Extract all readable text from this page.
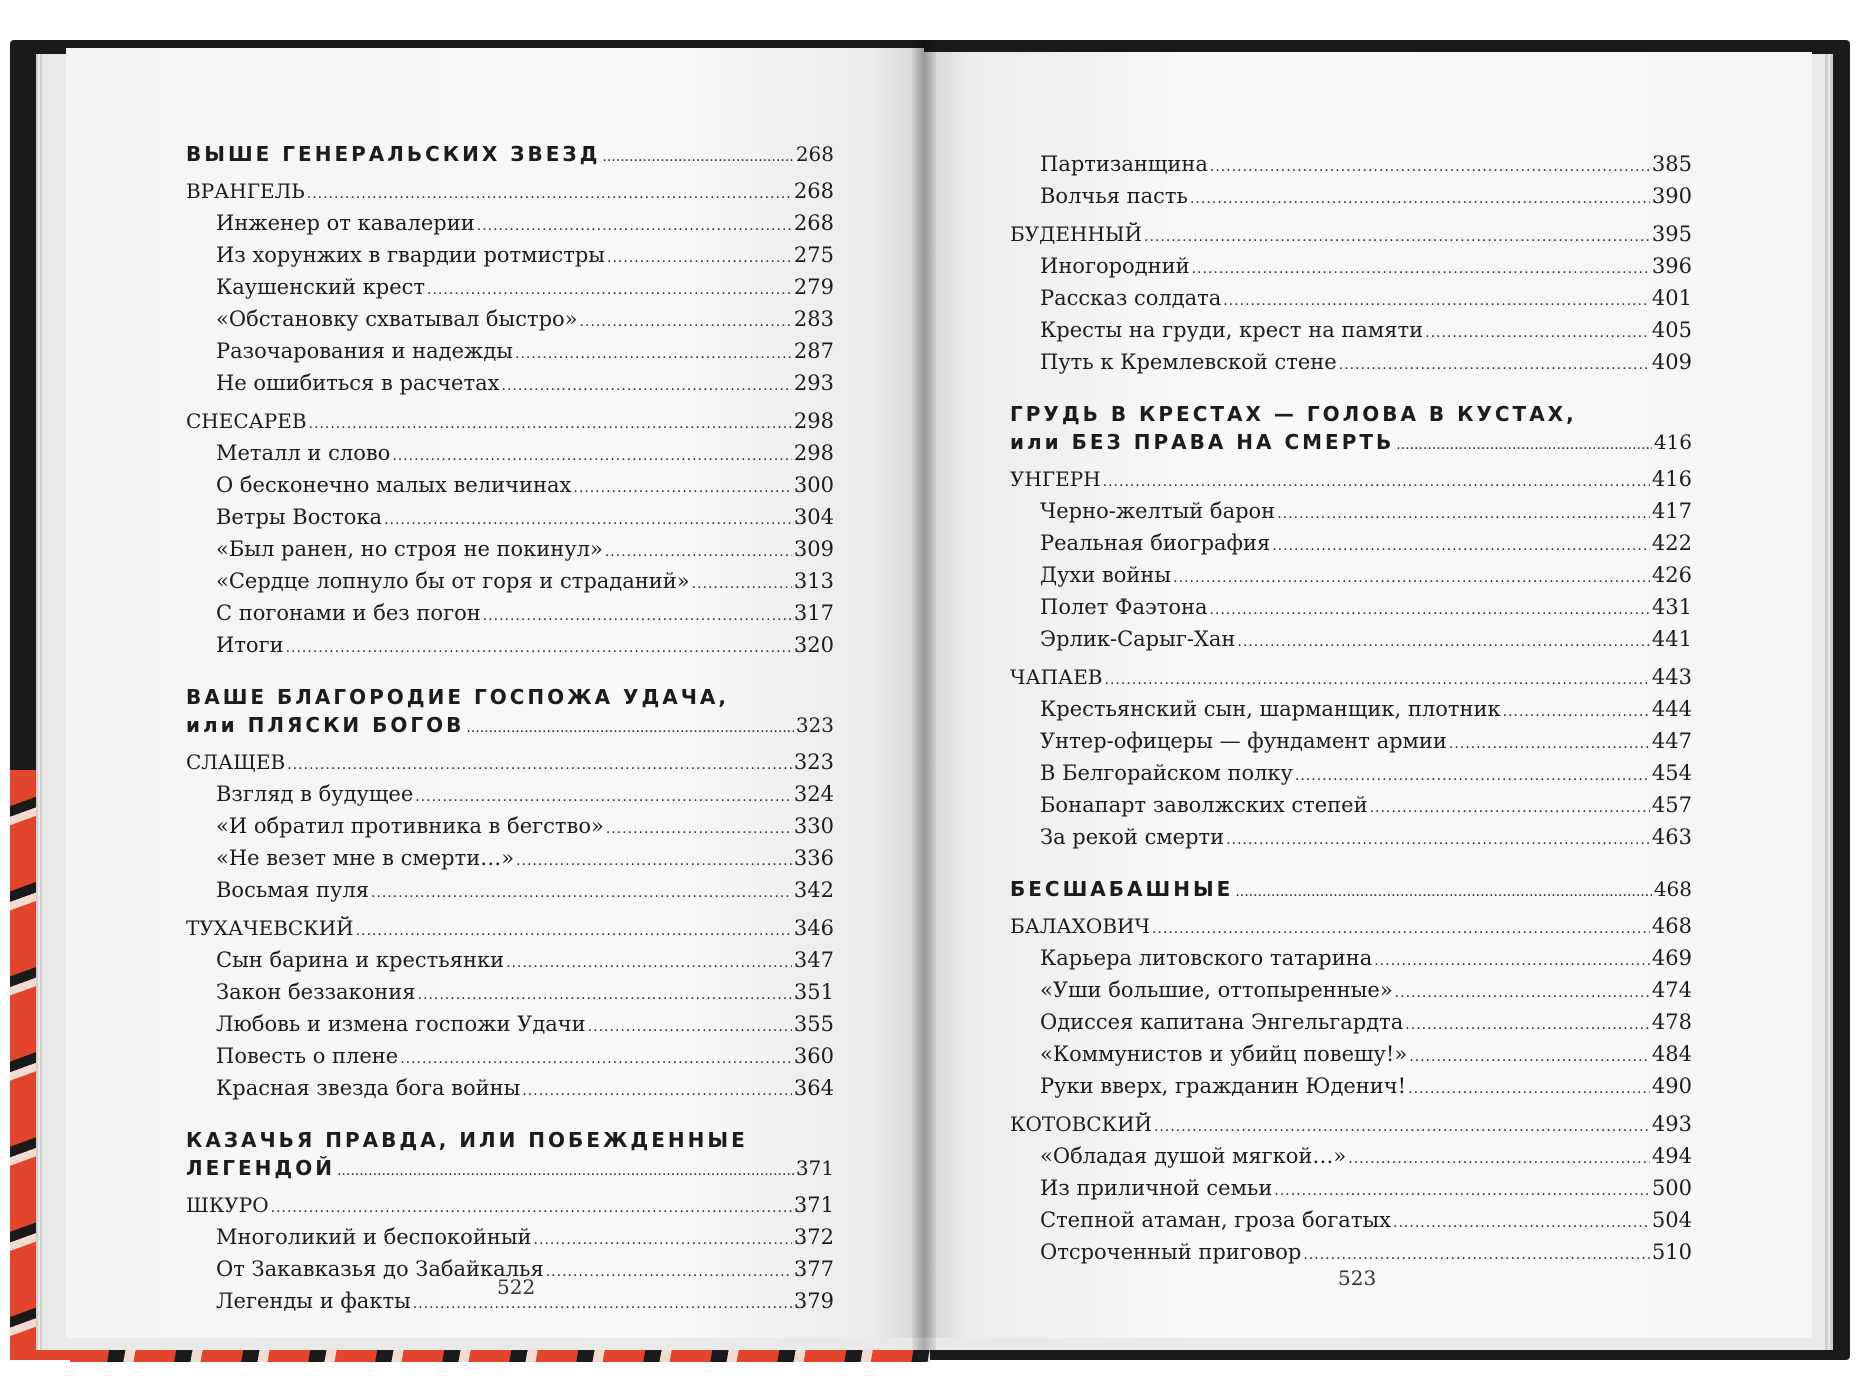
ВЫШЕ ГЕНЕРАЛЬСКИХ ЗВЕЗД .....	268
ВРАНГЕЛЬ .....	268
Инженер от кавалерии .....	268
Из хорунжих в гвардии ротмистры .....	275
Каушенский крест .....	279
«Обстановку схватывал быстро» .....	283
Разочарования и надежды .....	287
Не ошибиться в расчетах .....	293
СНЕСАРЕВ .....	298
Металл и слово .....	298
О бесконечно малых величинах .....	300
Ветры Востока .....	304
«Был ранен, но строя не покинул» .....	309
«Сердце лопнуло бы от горя и страданий» .....	313
С погонами и без погон .....	317
Итоги .....	320
ВАШЕ БЛАГОРОДИЕ ГОСПОЖА УДАЧА,
или ПЛЯСКИ БОГОВ .....	323
СЛАЩЕВ .....	323
Взгляд в будущее .....	324
«И обратил противника в бегство» .....	330
«Не везет мне в смерти…» .....	336
Восьмая пуля .....	342
ТУХАЧЕВСКИЙ .....	346
Сын барина и крестьянки .....	347
Закон беззакония .....	351
Любовь и измена госпожи Удачи .....	355
Повесть о плене .....	360
Красная звезда бога войны .....	364
КАЗАЧЬЯ ПРАВДА, ИЛИ ПОБЕЖДЕННЫЕ
ЛЕГЕНДОЙ .....	371
ШКУРО .....	371
Многоликий и беспокойный .....	372
От Закавказья до Забайкалья .....	377
Легенды и факты .....	379
Партизанщина .....	385
Волчья пасть .....	390
БУДЕННЫЙ .....	395
Иногородний .....	396
Рассказ солдата .....	401
Кресты на груди, крест на памяти .....	405
Путь к Кремлевской стене .....	409
ГРУДЬ В КРЕСТАХ — ГОЛОВА В КУСТАХ,
или БЕЗ ПРАВА НА СМЕРТЬ .....	416
УНГЕРН .....	416
Черно-желтый барон .....	417
Реальная биография .....	422
Духи войны .....	426
Полет Фаэтона .....	431
Эрлик-Сарыг-Хан .....	441
ЧАПАЕВ .....	443
Крестьянский сын, шарманщик, плотник .....	444
Унтер-офицеры — фундамент армии .....	447
В Белгорайском полку .....	454
Бонапарт заволжских степей .....	457
За рекой смерти .....	463
БЕСШАБАШНЫЕ .....	468
БАЛАХОВИЧ .....	468
Карьера литовского татарина .....	469
«Уши большие, оттопыренные» .....	474
Одиссея капитана Энгельгардта .....	478
«Коммунистов и убийц повешу!» .....	484
Руки вверх, гражданин Юденич! .....	490
КОТОВСКИЙ .....	493
«Обладая душой мягкой…» .....	494
Из приличной семьи .....	500
Степной атаман, гроза богатых .....	504
Отсроченный приговор .....	510
522	523
